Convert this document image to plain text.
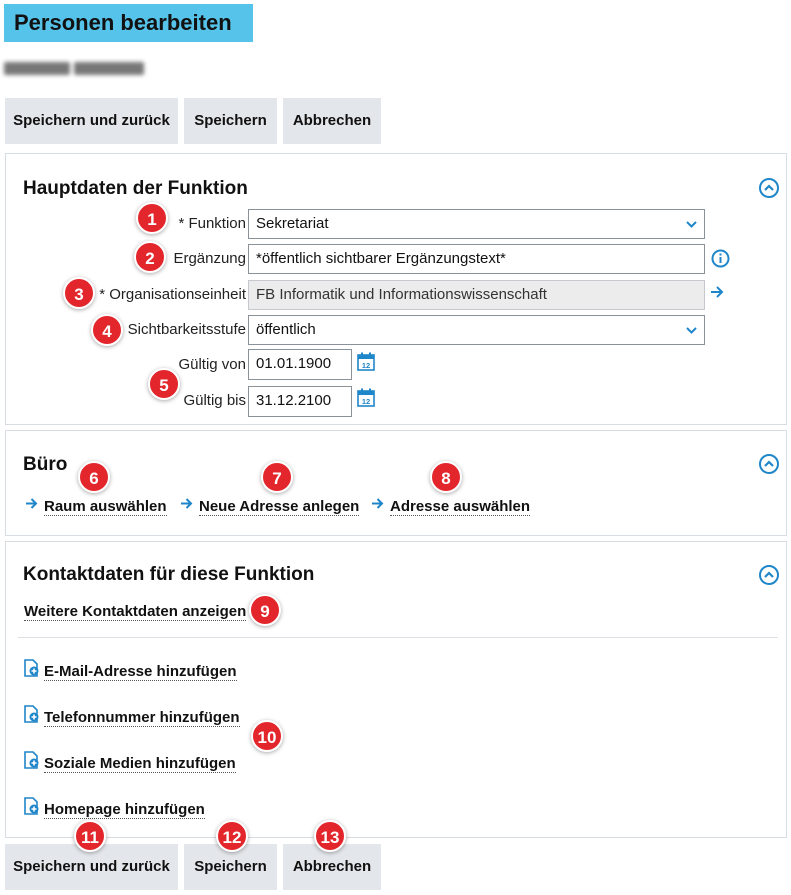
Personen bearbeiten
Speichern und zurück	Speichern	Abbrechen
Hauptdaten der Funktion
* Funktion Sekretariat
Ergänzung *öffentlich sichtbarer Ergänzungstext*
* Organisationseinheit FB Informatik und Informationswissenschaft
Sichtbarkeitsstufe öffentlich
Gültig von 01.01.1900	12
Gültig bis 31.12.2100	12
Büro
Raum auswählen Neue Adresse anlegen Adresse auswählen
Kontaktdaten für diese Funktion
Weitere Kontaktdaten anzeigen
E-Mail-Adresse hinzufügen
Telefonnummer hinzufügen
Soziale Medien hinzufügen
Homepage hinzufügen
Speichern und zurück	Speichern	Abbrechen
1
2
3
4
5
6	7	8
9
10
11	12	13
